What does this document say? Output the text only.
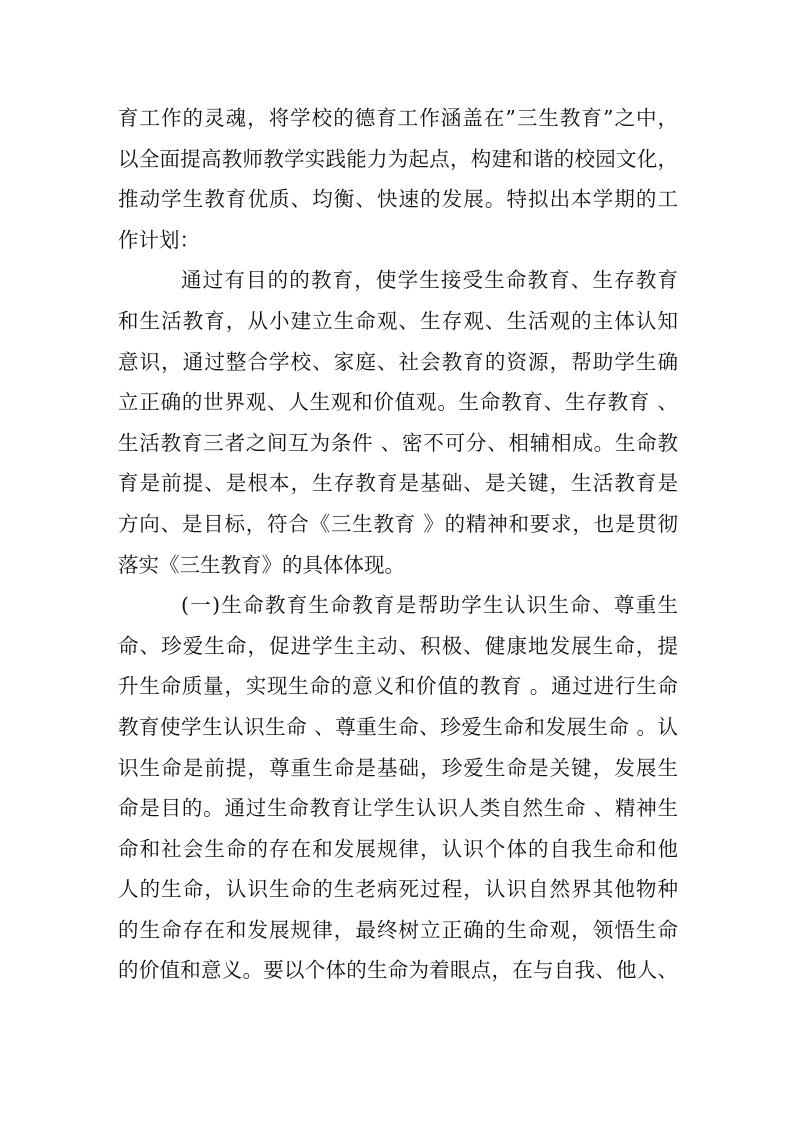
育工作的灵魂，将学校的德育工作涵盖在”三生教育”之中，
以全面提高教师教学实践能力为起点，构建和谐的校园文化，
推动学生教育优质、均衡、快速的发展。特拟出本学期的工
作计划：
通过有目的的教育，使学生接受生命教育、生存教育
和生活教育，从小建立生命观、生存观、生活观的主体认知
意识，通过整合学校、家庭、社会教育的资源，帮助学生确
立正确的世界观、人生观和价值观。生命教育、生存教育 、
生活教育三者之间互为条件 、密不可分、相辅相成。生命教
育是前提、是根本，生存教育是基础、是关键，生活教育是
方向、是目标，符合《三生教育 》的精神和要求，也是贯彻
落实《三生教育》的具体体现。
(一)生命教育生命教育是帮助学生认识生命、尊重生
命、珍爱生命，促进学生主动、积极、健康地发展生命，提
升生命质量，实现生命的意义和价值的教育 。通过进行生命
教育使学生认识生命 、尊重生命、珍爱生命和发展生命 。认
识生命是前提，尊重生命是基础，珍爱生命是关键，发展生
命是目的。通过生命教育让学生认识人类自然生命 、精神生
命和社会生命的存在和发展规律，认识个体的自我生命和他
人的生命，认识生命的生老病死过程，认识自然界其他物种
的生命存在和发展规律，最终树立正确的生命观，领悟生命
的价值和意义。要以个体的生命为着眼点，在与自我、他人、
